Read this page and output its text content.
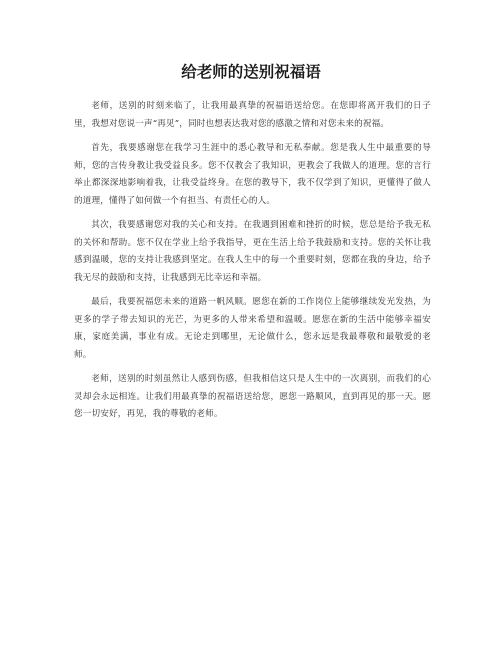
给老师的送别祝福语

老师，送别的时刻来临了，让我用最真挚的祝福语送给您。在您即将离开我们的日子里，我想对您说一声“再见”，同时也想表达我对您的感激之情和对您未来的祝福。

首先，我要感谢您在我学习生涯中的悉心教导和无私奉献。您是我人生中最重要的导师，您的言传身教让我受益良多。您不仅教会了我知识，更教会了我做人的道理。您的言行举止都深深地影响着我，让我受益终身。在您的教导下，我不仅学到了知识，更懂得了做人的道理，懂得了如何做一个有担当、有责任心的人。

其次，我要感谢您对我的关心和支持。在我遇到困难和挫折的时候，您总是给予我无私的关怀和帮助。您不仅在学业上给予我指导，更在生活上给予我鼓励和支持。您的关怀让我感到温暖，您的支持让我感到坚定。在我人生中的每一个重要时刻，您都在我的身边，给予我无尽的鼓励和支持，让我感到无比幸运和幸福。

最后，我要祝福您未来的道路一帆风顺。愿您在新的工作岗位上能够继续发光发热，为更多的学子带去知识的光芒，为更多的人带来希望和温暖。愿您在新的生活中能够幸福安康，家庭美满，事业有成。无论走到哪里，无论做什么，您永远是我最尊敬和最敬爱的老师。

老师，送别的时刻虽然让人感到伤感，但我相信这只是人生中的一次离别，而我们的心灵却会永远相连。让我们用最真挚的祝福语送给您，愿您一路顺风，直到再见的那一天。愿您一切安好，再见，我的尊敬的老师。
